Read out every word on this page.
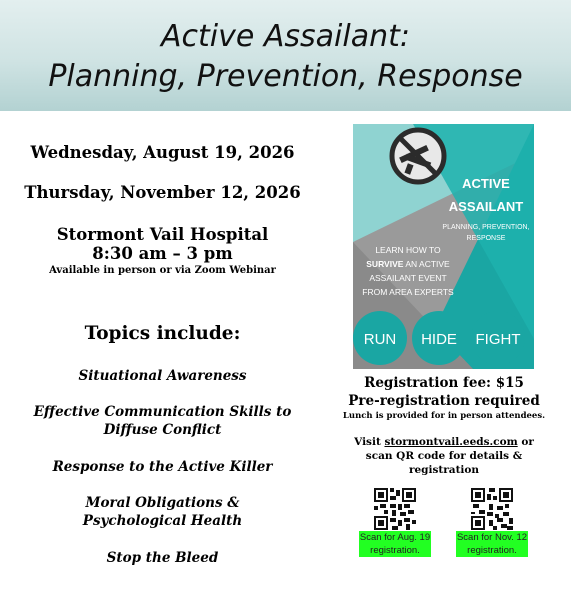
Active Assailant:
Planning, Prevention, Response
Wednesday, August 19, 2026
Thursday, November 12, 2026
Stormont Vail Hospital
8:30 am – 3 pm
Available in person or via Zoom Webinar
Topics include:
Situational Awareness
Effective Communication Skills to
Diffuse Conflict
Response to the Active Killer
Moral Obligations &
Psychological Health
Stop the Bleed
ACTIVE
ASSAILANT
PLANNING, PREVENTION,
RESPONSE
LEARN HOW TO
SURVIVE AN ACTIVE
ASSAILANT EVENT
FROM AREA EXPERTS
RUN HIDE FIGHT
Registration fee: $15
Pre-registration required
Lunch is provided for in person attendees.
Visit stormontvail.eeds.com or
scan QR code for details &
registration
Scan for Aug. 19
registration.
Scan for Nov. 12
registration.
